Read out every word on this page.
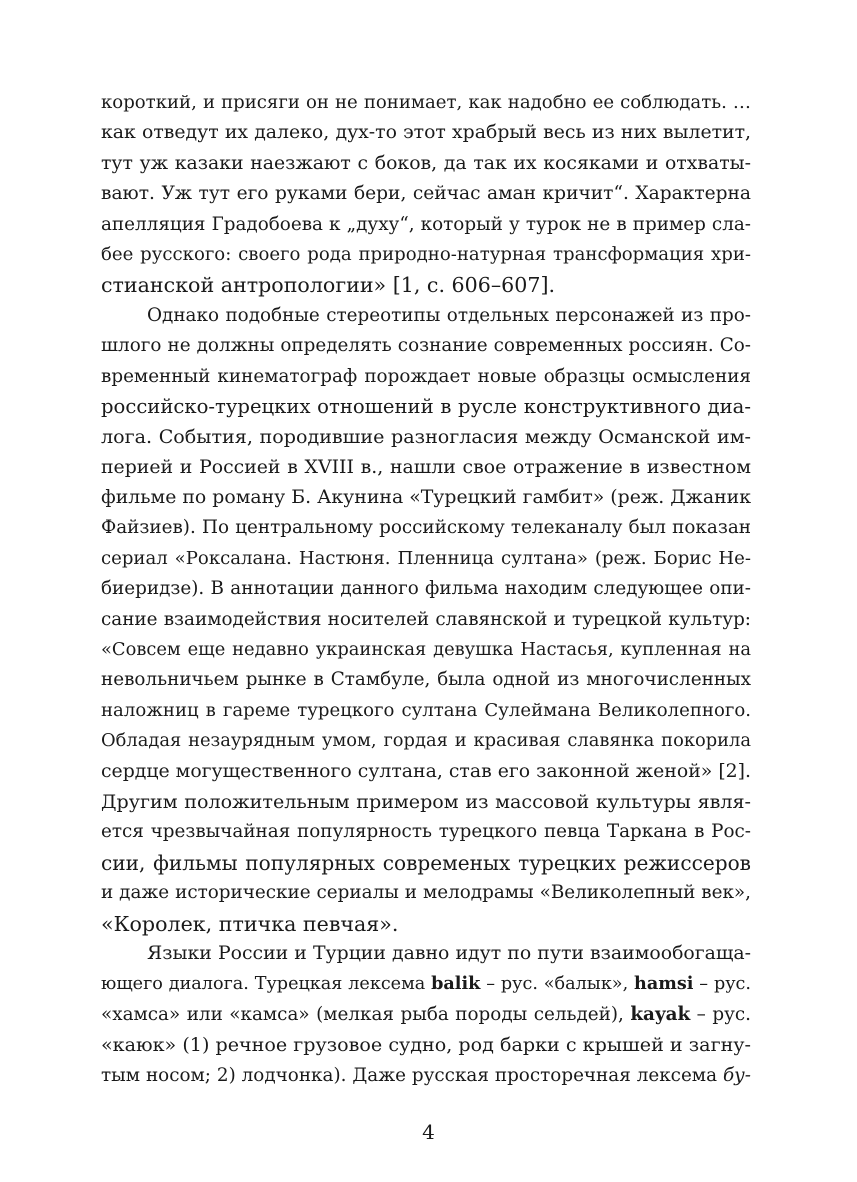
короткий, и присяги он не понимает, как надобно ее соблюдать. …
как отведут их далеко, дух-то этот храбрый весь из них вылетит,
тут уж казаки наезжают с боков, да так их косяками и отхваты-
вают. Уж тут его руками бери, сейчас аман кричит“. Характерна
апелляция Градобоева к „духу“, который у турок не в пример сла-
бее русского: своего рода природно-натурная трансформация хри-
стианской антропологии» [1, с. 606–607].
Однако подобные стереотипы отдельных персонажей из про-
шлого не должны определять сознание современных россиян. Со-
временный кинематограф порождает новые образцы осмысления
российско-турецких отношений в русле конструктивного диа-
лога. События, породившие разногласия между Османской им-
перией и Россией в XVIII в., нашли свое отражение в известном
фильме по роману Б. Акунина «Турецкий гамбит» (реж. Джаник
Файзиев). По центральному российскому телеканалу был показан
сериал «Роксалана. Настюня. Пленница султана» (реж. Борис Не-
биеридзе). В аннотации данного фильма находим следующее опи-
сание взаимодействия носителей славянской и турецкой культур:
«Совсем еще недавно украинская девушка Настасья, купленная на
невольничьем рынке в Стамбуле, была одной из многочисленных
наложниц в гареме турецкого султана Сулеймана Великолепного.
Обладая незаурядным умом, гордая и красивая славянка покорила
сердце могущественного султана, став его законной женой» [2].
Другим положительным примером из массовой культуры явля-
ется чрезвычайная популярность турецкого певца Таркана в Рос-
сии, фильмы популярных современых турецких режиссеров
и даже исторические сериалы и мелодрамы «Великолепный век»,
«Королек, птичка певчая».
Языки России и Турции давно идут по пути взаимообогаща-
ющего диалога. Турецкая лексема balik – рус. «балык», hamsi – рус.
«хамса» или «камса» (мелкая рыба породы сельдей), kayak – рус.
«каюк» (1) речное грузовое судно, род барки с крышей и загну-
тым носом; 2) лодчонка). Даже русская просторечная лексема бу-
4
